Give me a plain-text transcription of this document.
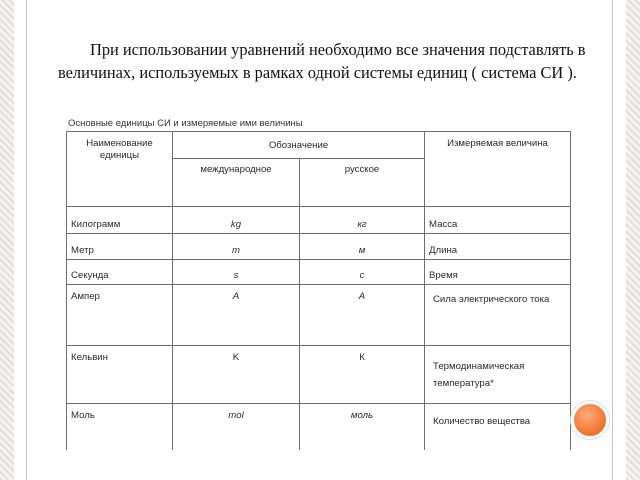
При использовании уравнений необходимо все значения подставлять в величинах, используемых в рамках одной системы единиц ( система СИ ).

Основные единицы СИ и измеряемые ими величины
Наименование единицы	Обозначение		Измеряемая величина
	международное	русское	
Килограмм	kg	кг	Масса
Метр	m	м	Длина
Секунда	s	с	Время
Ампер	A	А	Сила электрического тока
Кельвин	K	К	Термодинамическая температура*
Моль	mol	моль	Количество вещества
